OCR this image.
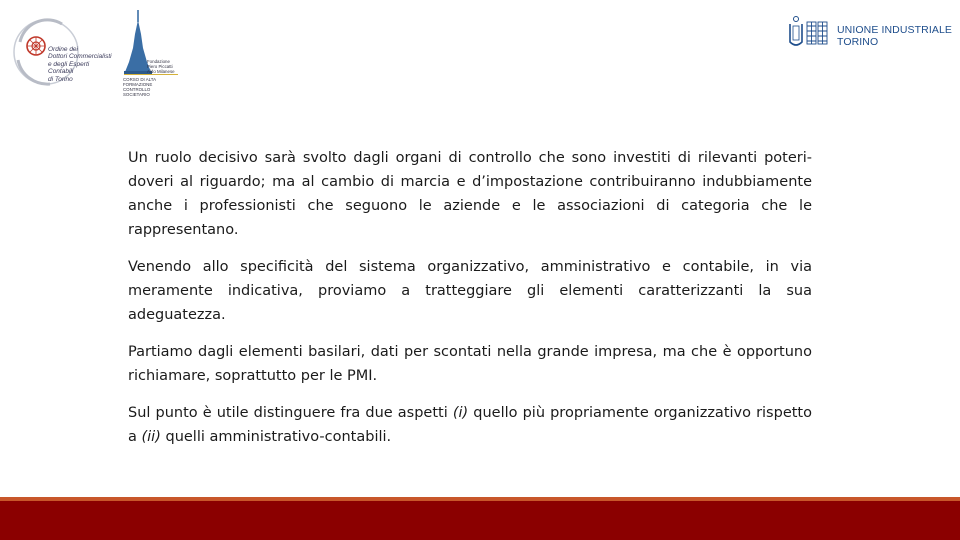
Ordine dei
Dottori Commercialisti
e degli Esperti Contabili
di Torino
Fondazione
Piero Piccatti
Aldo Milanese
CORSO DI ALTA
FORMAZIONE
CONTROLLO
SOCIETARIO
UNIONE INDUSTRIALE
TORINO

Un ruolo decisivo sarà svolto dagli organi di controllo che sono investiti di rilevanti poteri- doveri al riguardo; ma al cambio di marcia e d’impostazione contribuiranno indubbiamente anche i professionisti che seguono le aziende e le associazioni di categoria che le rappresentano.

Venendo allo specificità del sistema organizzativo, amministrativo e contabile, in via meramente indicativa, proviamo a tratteggiare gli elementi caratterizzanti la sua adeguatezza.

Partiamo dagli elementi basilari, dati per scontati nella grande impresa, ma che è opportuno richiamare, soprattutto per le PMI.

Sul punto è utile distinguere fra due aspetti (i) quello più propriamente organizzativo rispetto a (ii) quelli amministrativo-contabili.
